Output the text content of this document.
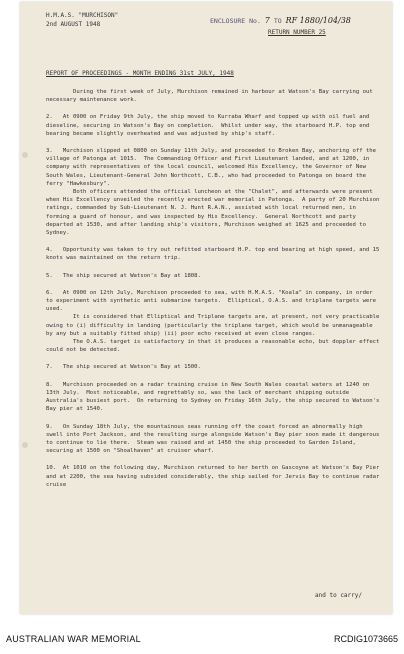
H.M.A.S. "MURCHISON"
2nd AUGUST 1948	ENCLOSURE No. 7 TO RF 1880/104/38
RETURN NUMBER 25
REPORT OF PROCEEDINGS - MONTH ENDING 31st JULY, 1948

During the first week of July, Murchison remained in harbour at Watson's Bay carrying out necessary maintenance work.

2.   At 0900 on Friday 9th July, the ship moved to Kurraba Wharf and topped up with oil fuel and dieseline, securing in Watson's Bay on completion.  Whilst under way, the starboard H.P. top end bearing became slightly overheated and was adjusted by ship's staff.

3.   Murchison slipped at 0800 on Sunday 11th July, and proceeded to Broken Bay, anchoring off the village of Patonga at 1015.  The Commanding Officer and First Lieutenant landed, and at 1200, in company with representatives of the local council, welcomed His Excellency, the Governor of New South Wales, Lieutenant-General John Northcott, C.B., who had proceeded to Patonga on board the ferry "Hawkesbury".
Both officers attended the official luncheon at the "Chalet", and afterwards were present when His Excellency unveiled the recently erected war memorial in Patonga.  A party of 20 Murchison ratings, commanded by Sub-Lieutenant N. J. Hunt R.A.N., assisted with local returned men, in forming a guard of honour, and was inspected by His Excellency.  General Northcott and party departed at 1530, and after landing ship's visitors, Murchison weighed at 1625 and proceeded to Sydney.

4.   Opportunity was taken to try out refitted starboard H.P. top end bearing at high speed, and 15 knots was maintained on the return trip.

5.   The ship secured at Watson's Bay at 1808.

6.   At 0900 on 12th July, Murchison proceeded to sea, with H.M.A.S. "Koala" in company, in order to experiment with synthetic anti submarine targets.  Elliptical, O.A.S. and triplane targets were used.
It is considered that Elliptical and Triplane targets are, at present, not very practicable owing to (i) difficulty in landing (particularly the triplane target, which would be unmanageable by any but a suitably fitted ship) (ii) poor echo received at even close ranges.
The O.A.S. target is satisfactory in that it produces a reasonable echo, but doppler effect could not be detected.

7.   The ship secured at Watson's Bay at 1500.

8.   Murchison proceeded on a radar training cruise in New South Wales coastal waters at 1240 on 13th July.  Most noticeable, and regrettably so, was the lack of merchant shipping outside Australia's busiest port.  On returning to Sydney on Friday 16th July, the ship secured to Watson's Bay pier at 1540.

9.   On Sunday 18th July, the mountainous seas running off the coast forced an abnormally high swell into Port Jackson, and the resulting surge alongside Watson's Bay pier soon made it dangerous to continue to lie there.  Steam was raised and at 1450 the ship proceeded to Garden Island, securing at 1500 on "Shoalhaven" at cruiser wharf.

10.  At 1010 on the following day, Murchison returned to her berth on Gascoyne at Watson's Bay Pier and at 2200, the sea having subsided considerably, the ship sailed for Jervis Bay to continue radar cruise

and to carry/
AUSTRALIAN WAR MEMORIAL	RCDIG1073665
